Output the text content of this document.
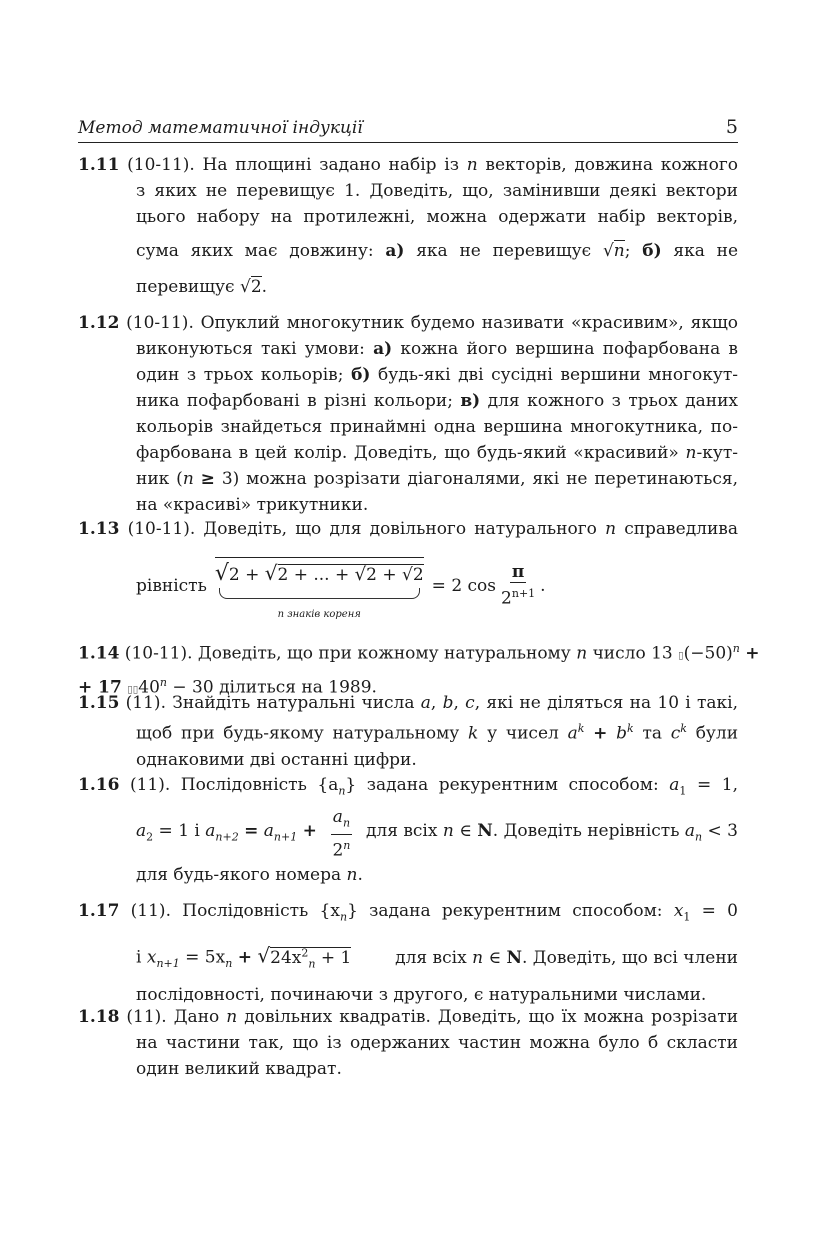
Метод математичної індукції	5
1.11 (10-11). На площині задано набір із n векторів, довжина кожного
з яких не перевищує 1. Доведіть, що, замінивши деякі вектори
цього набору на протилежні, можна одержати набір векторів,
сума яких має довжину: а) яка не перевищує √n; б) яка не
перевищує √2.
1.12 (10-11). Опуклий многокутник будемо називати «красивим», якщо
виконуються такі умови: а) кожна його вершина пофарбована в
один з трьох кольорів; б) будь-які дві сусідні вершини многокут-
ника пофарбовані в різні кольори; в) для кожного з трьох даних
кольорів знайдеться принаймні одна вершина многокутника, по-
фарбована в цей колір. Доведіть, що будь-який «красивий» n-кут-
ник (n ≥ 3) можна розрізати діагоналями, які не перетинаються,
на «красиві» трикутники.
1.13 (10-11). Доведіть, що для довільного натурального n справедлива
рівність
√2 + √2 + ... + √2 + √2
n знаків кореня
= 2 $\cos \frac{\pi}{2^{n+1}}$ .
1.14 (10-11). Доведіть, що при кожному натуральному n число 13 $▯(-50)^n$ +
+ 17 $▯▯40^n - 30$ ділиться на 1989.
1.15 (11). Знайдіть натуральні числа a, b, c, які не діляться на 10 і такі,
щоб при будь-якому натуральному k у чисел $a^k + b^k$ та $c^k$ були
однаковими дві останні цифри.
1.16 (11). Послідовність $\{a_n\}$ задана рекурентним способом: $a_1 = 1$,
$a_2 = 1$ і $a_{n+2} = a_{n+1} + \frac{a_n}{2^n}$ для всіх n ∈ N. Доведіть нерівність $a_n < 3$
для будь-якого номера n.
1.17 (11). Послідовність $\{x_n\}$ задана рекурентним способом: $x_1 = 0$
і $x_{n+1} = 5x_n + √24x^2_n + 1$	для всіх n ∈ N. Доведіть, що всі члени
послідовності, починаючи з другого, є натуральними числами.
1.18 (11). Дано n довільних квадратів. Доведіть, що їх можна розрізати
на частини так, що із одержаних частин можна було б скласти
один великий квадрат.
